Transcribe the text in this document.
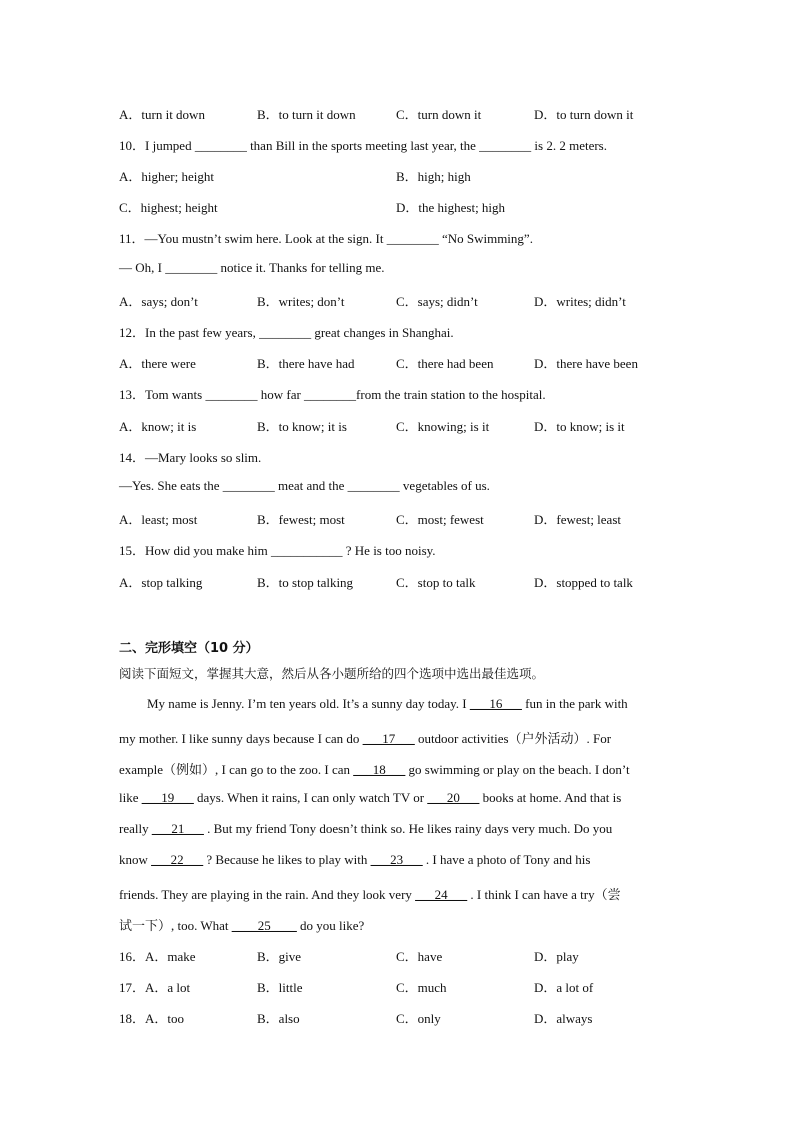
A．turn it down	B．to turn it down	C．turn down it	D．to turn down it
10．I jumped ________ than Bill in the sports meeting last year, the ________ is 2. 2 meters.
A．higher; height	B．high; high
C．highest; height	D．the highest; high
11．—You mustn’t swim here. Look at the sign. It ________ “No Swimming”.
— Oh, I ________ notice it. Thanks for telling me.
A．says; don’t	B．writes; don’t	C．says; didn’t	D．writes; didn’t
12．In the past few years, ________ great changes in Shanghai.
A．there were	B．there have had	C．there had been	D．there have been
13．Tom wants ________ how far ________from the train station to the hospital.
A．know; it is	B．to know; it is	C．knowing; is it	D．to know; is it
14．—Mary looks so slim.
—Yes. She eats the ________ meat and the ________ vegetables of us.
A．least; most	B．fewest; most	C．most; fewest	D．fewest; least
15．How did you make him ___________ ? He is too noisy.
A．stop talking	B．to stop talking	C．stop to talk	D．stopped to talk
二、完形填空（10 分）
阅读下面短文，掌握其大意，然后从各小题所给的四个选项中选出最佳选项。
My name is Jenny. I’m ten years old. It’s a sunny day today. I ___16___ fun in the park with
my mother. I like sunny days because I can do ___17___ outdoor activities（户外活动）. For
example（例如）, I can go to the zoo. I can ___18___ go swimming or play on the beach. I don’t
like ___19___ days. When it rains, I can only watch TV or ___20___ books at home. And that is
really ___21___ . But my friend Tony doesn’t think so. He likes rainy days very much. Do you
know ___22___ ? Because he likes to play with ___23___ . I have a photo of Tony and his
friends. They are playing in the rain. And they look very ___24___ . I think I can have a try（尝
试一下）, too. What ____25____ do you like?
16．A．make	B．give	C．have	D．play
17．A．a lot	B．little	C．much	D．a lot of
18．A．too	B．also	C．only	D．always
